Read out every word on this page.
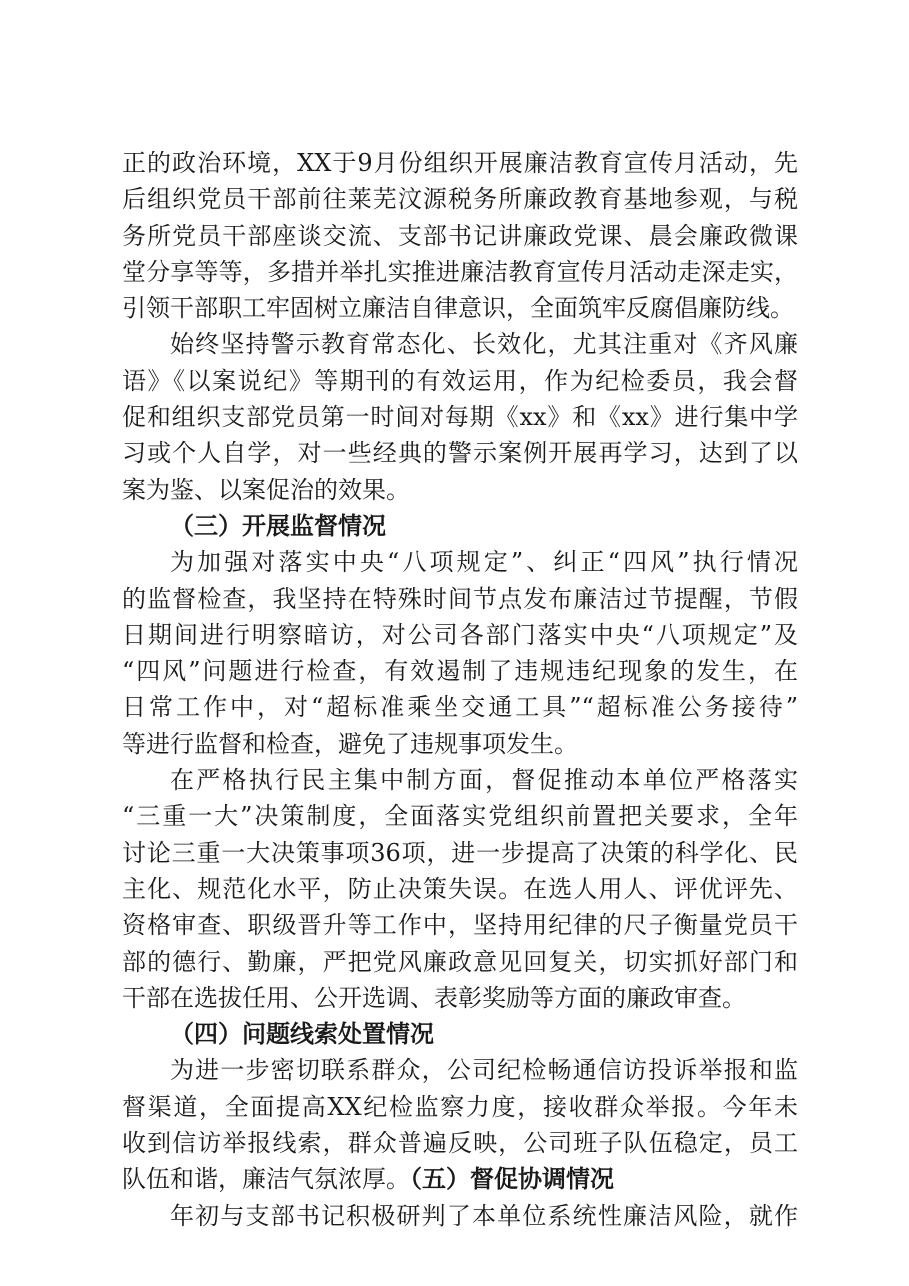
正的政治环境，XX于9月份组织开展廉洁教育宣传月活动，先
后组织党员干部前往莱芜汶源税务所廉政教育基地参观，与税
务所党员干部座谈交流、支部书记讲廉政党课、晨会廉政微课
堂分享等等，多措并举扎实推进廉洁教育宣传月活动走深走实，
引领干部职工牢固树立廉洁自律意识，全面筑牢反腐倡廉防线。
始终坚持警示教育常态化、长效化，尤其注重对《齐风廉
语》《以案说纪》等期刊的有效运用，作为纪检委员，我会督
促和组织支部党员第一时间对每期《xx》和《xx》进行集中学
习或个人自学，对一些经典的警示案例开展再学习，达到了以
案为鉴、以案促治的效果。
（三）开展监督情况
为加强对落实中央“八项规定”、纠正“四风”执行情况
的监督检查，我坚持在特殊时间节点发布廉洁过节提醒，节假
日期间进行明察暗访，对公司各部门落实中央“八项规定”及
“四风”问题进行检查，有效遏制了违规违纪现象的发生，在
日常工作中，对“超标准乘坐交通工具”“超标准公务接待”
等进行监督和检查，避免了违规事项发生。
在严格执行民主集中制方面，督促推动本单位严格落实
“三重一大”决策制度，全面落实党组织前置把关要求，全年
讨论三重一大决策事项36项，进一步提高了决策的科学化、民
主化、规范化水平，防止决策失误。在选人用人、评优评先、
资格审查、职级晋升等工作中，坚持用纪律的尺子衡量党员干
部的德行、勤廉，严把党风廉政意见回复关，切实抓好部门和
干部在选拔任用、公开选调、表彰奖励等方面的廉政审查。
（四）问题线索处置情况
为进一步密切联系群众，公司纪检畅通信访投诉举报和监
督渠道，全面提高XX纪检监察力度，接收群众举报。今年未
收到信访举报线索，群众普遍反映，公司班子队伍稳定，员工
队伍和谐，廉洁气氛浓厚。（五）督促协调情况
年初与支部书记积极研判了本单位系统性廉洁风险，就作
